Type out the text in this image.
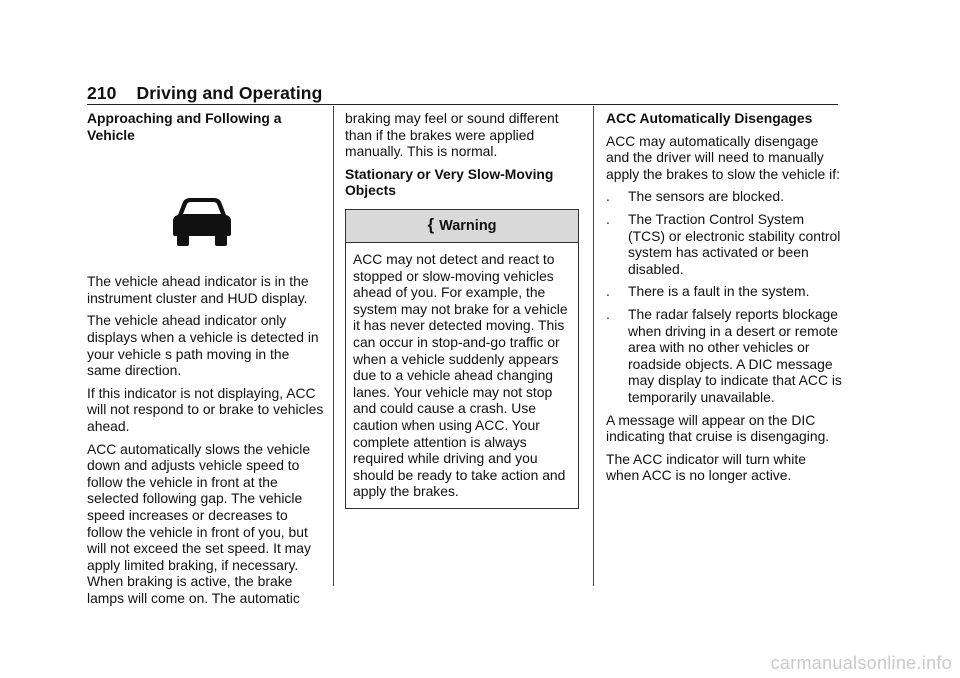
210 Driving and Operating
Approaching and Following a Vehicle

The vehicle ahead indicator is in the instrument cluster and HUD display.

The vehicle ahead indicator only displays when a vehicle is detected in your vehicle s path moving in the same direction.

If this indicator is not displaying, ACC will not respond to or brake to vehicles ahead.

ACC automatically slows the vehicle down and adjusts vehicle speed to follow the vehicle in front at the selected following gap. The vehicle speed increases or decreases to follow the vehicle in front of you, but will not exceed the set speed. It may apply limited braking, if necessary. When braking is active, the brake lamps will come on. The automatic

braking may feel or sound different than if the brakes were applied manually. This is normal.

Stationary or Very Slow-Moving Objects
{ Warning
ACC may not detect and react to stopped or slow-moving vehicles ahead of you. For example, the system may not brake for a vehicle it has never detected moving. This can occur in stop-and-go traffic or when a vehicle suddenly appears due to a vehicle ahead changing lanes. Your vehicle may not stop and could cause a crash. Use caution when using ACC. Your complete attention is always required while driving and you should be ready to take action and apply the brakes.
ACC Automatically Disengages

ACC may automatically disengage and the driver will need to manually apply the brakes to slow the vehicle if:

. The sensors are blocked.
. The Traction Control System (TCS) or electronic stability control system has activated or been disabled.
. There is a fault in the system.
. The radar falsely reports blockage when driving in a desert or remote area with no other vehicles or roadside objects. A DIC message may display to indicate that ACC is temporarily unavailable.

A message will appear on the DIC indicating that cruise is disengaging.

The ACC indicator will turn white when ACC is no longer active.

carmanualsonline.info
